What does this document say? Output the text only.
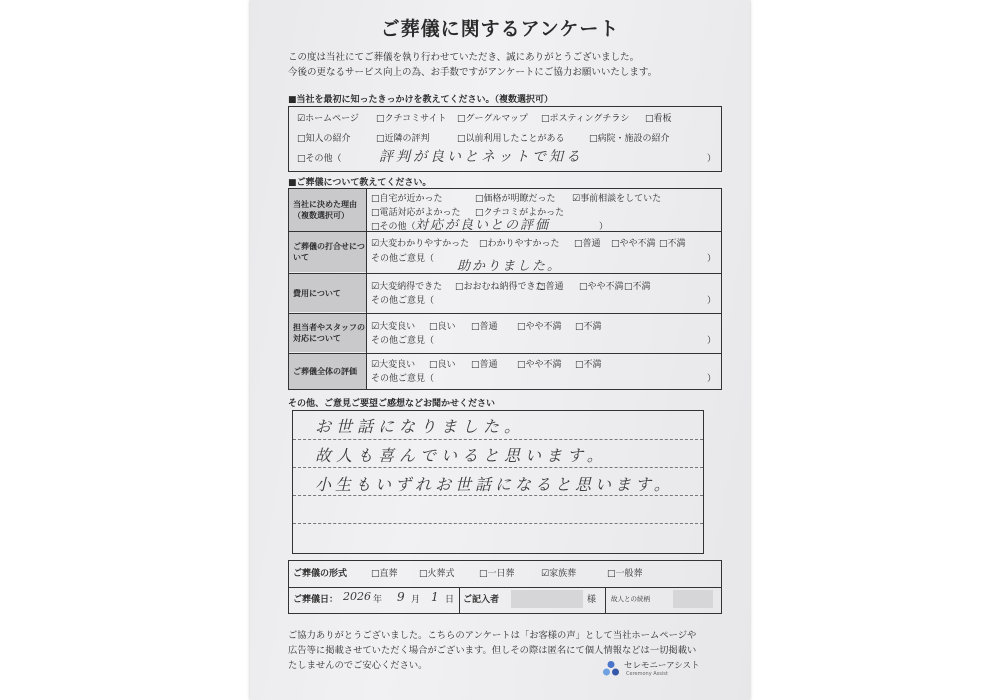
ご葬儀に関するアンケート
この度は当社にてご葬儀を執り行わせていただき、誠にありがとうございました。
今後の更なるサービス向上の為、お手数ですがアンケートにご協力お願いいたします。
■当社を最初に知ったきっかけを教えてください。（複数選択可）
☑ホームページ □クチコミサイト □グーグルマップ □ポスティングチラシ □看板
□知人の紹介	□近隣の評判	□以前利用したことがある	□病院・施設の紹介
□その他（	評判が良いとネットで知る	）
■ご葬儀について教えてください。
当社に決めた理由
（複数選択可）
□自宅が近かった	□価格が明瞭だった ☑事前相談をしていた
□電話対応がよかった □クチコミがよかった
□その他（ 対応が良いとの評価	）
ご葬儀の打合せについて
☑大変わかりやすかった □わかりやすかった □普通 □やや不満 □不満
その他ご意見（ 助かりました。	）
費用について
☑大変納得できた □おおむね納得できた
□普通 □やや不満 □不満
その他ご意見（	）
担当者やスタッフの対応について
☑大変良い □良い □普通 □やや不満 □不満
その他ご意見（	）
ご葬儀全体の評価
☑大変良い □良い □普通 □やや不満 □不満
その他ご意見（	）
その他、ご意見ご要望ご感想などお聞かせください
お世話になりました。
故人も喜んでいると思います。
小生もいずれお世話になると思います。
ご葬儀の形式	□直葬 □火葬式	□一日葬	☑家族葬	□一般葬
ご葬儀日： 2026 年 9 月 1 日 ご記入者	様 故人との続柄
ご協力ありがとうございました。こちらのアンケートは「お客様の声」として当社ホームページや
広告等に掲載させていただく場合がございます。但しその際は匿名にて個人情報などは一切掲載い
たしませんのでご安心ください。	セレモニーアシスト
Ceremony Assist
